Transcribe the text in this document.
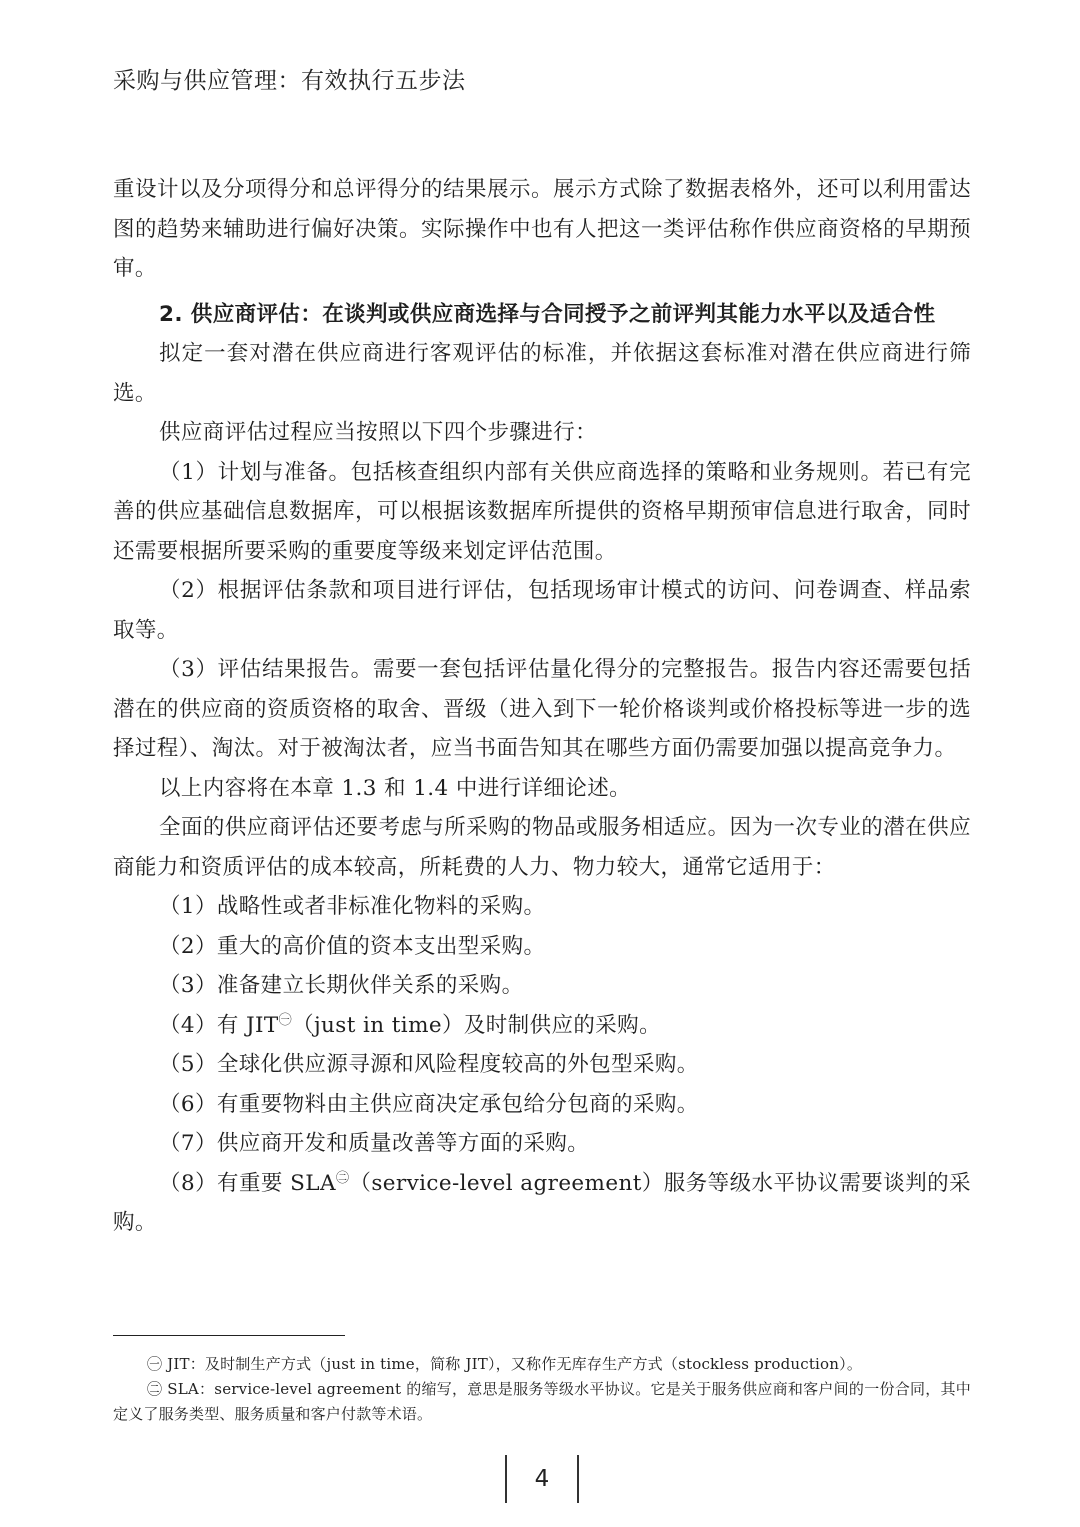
采购与供应管理：有效执行五步法

重设计以及分项得分和总评得分的结果展示。展示方式除了数据表格外，还可以利用雷达图的趋势来辅助进行偏好决策。实际操作中也有人把这一类评估称作供应商资格的早期预审。

2. 供应商评估：在谈判或供应商选择与合同授予之前评判其能力水平以及适合性

拟定一套对潜在供应商进行客观评估的标准，并依据这套标准对潜在供应商进行筛选。

供应商评估过程应当按照以下四个步骤进行：

（1）计划与准备。包括核查组织内部有关供应商选择的策略和业务规则。若已有完善的供应基础信息数据库，可以根据该数据库所提供的资格早期预审信息进行取舍，同时还需要根据所要采购的重要度等级来划定评估范围。

（2）根据评估条款和项目进行评估，包括现场审计模式的访问、问卷调查、样品索取等。

（3）评估结果报告。需要一套包括评估量化得分的完整报告。报告内容还需要包括潜在的供应商的资质资格的取舍、晋级（进入到下一轮价格谈判或价格投标等进一步的选择过程）、淘汰。对于被淘汰者，应当书面告知其在哪些方面仍需要加强以提高竞争力。

以上内容将在本章 1.3 和 1.4 中进行详细论述。

全面的供应商评估还要考虑与所采购的物品或服务相适应。因为一次专业的潜在供应商能力和资质评估的成本较高，所耗费的人力、物力较大，通常它适用于：

（1）战略性或者非标准化物料的采购。

（2）重大的高价值的资本支出型采购。

（3）准备建立长期伙伴关系的采购。

（4）有 $JIT^㊀(just$ in time）及时制供应的采购。

（5）全球化供应源寻源和风险程度较高的外包型采购。

（6）有重要物料由主供应商决定承包给分包商的采购。

（7）供应商开发和质量改善等方面的采购。

（8）有重要 $SLA^㊁(service$-level agreement）服务等级水平协议需要谈判的采购。

㊀ JIT：及时制生产方式（just in time，简称 JIT），又称作无库存生产方式（stockless production）。

㊁ SLA：service-level agreement 的缩写，意思是服务等级水平协议。它是关于服务供应商和客户间的一份合同，其中定义了服务类型、服务质量和客户付款等术语。

4
